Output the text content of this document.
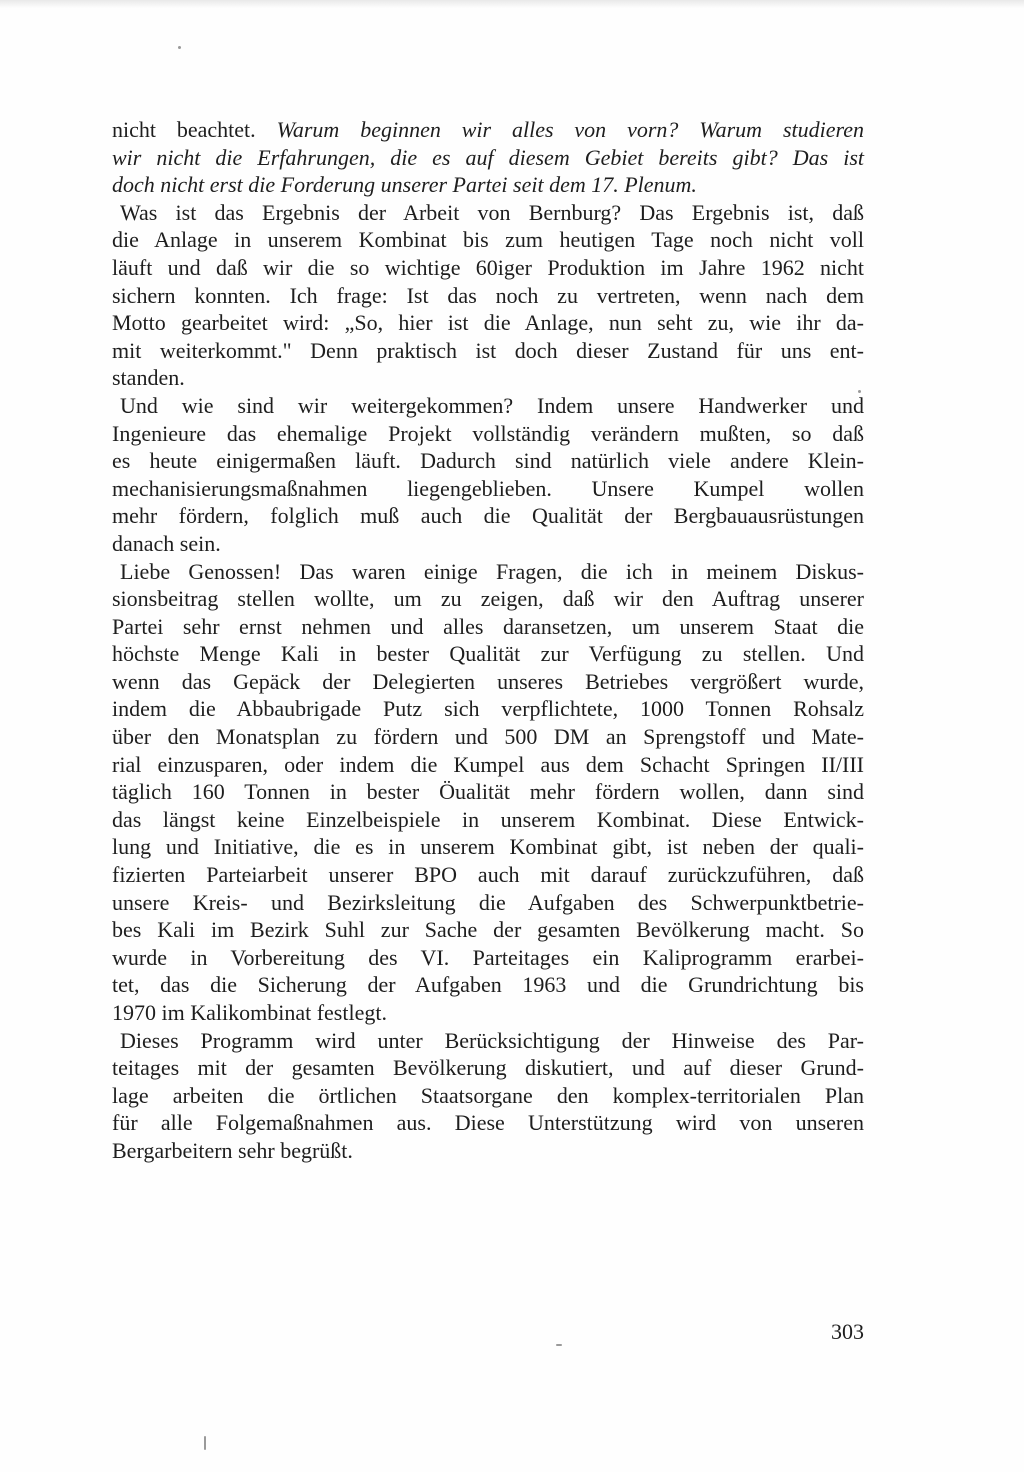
nicht beachtet. Warum beginnen wir alles von vorn? Warum studieren
wir nicht die Erfahrungen, die es auf diesem Gebiet bereits gibt? Das ist
doch nicht erst die Forderung unserer Partei seit dem 17. Plenum.
Was ist das Ergebnis der Arbeit von Bernburg? Das Ergebnis ist, daß
die Anlage in unserem Kombinat bis zum heutigen Tage noch nicht voll
läuft und daß wir die so wichtige 60iger Produktion im Jahre 1962 nicht
sichern konnten. Ich frage: Ist das noch zu vertreten, wenn nach dem
Motto gearbeitet wird: „So, hier ist die Anlage, nun seht zu, wie ihr da-
mit weiterkommt." Denn praktisch ist doch dieser Zustand für uns ent-
standen.
Und wie sind wir weitergekommen? Indem unsere Handwerker und
Ingenieure das ehemalige Projekt vollständig verändern mußten, so daß
es heute einigermaßen läuft. Dadurch sind natürlich viele andere Klein-
mechanisierungsmaßnahmen liegengeblieben. Unsere Kumpel wollen
mehr fördern, folglich muß auch die Qualität der Bergbauausrüstungen
danach sein.
Liebe Genossen! Das waren einige Fragen, die ich in meinem Diskus-
sionsbeitrag stellen wollte, um zu zeigen, daß wir den Auftrag unserer
Partei sehr ernst nehmen und alles daransetzen, um unserem Staat die
höchste Menge Kali in bester Qualität zur Verfügung zu stellen. Und
wenn das Gepäck der Delegierten unseres Betriebes vergrößert wurde,
indem die Abbaubrigade Putz sich verpflichtete, 1000 Tonnen Rohsalz
über den Monatsplan zu fördern und 500 DM an Sprengstoff und Mate-
rial einzusparen, oder indem die Kumpel aus dem Schacht Springen II/III
täglich 160 Tonnen in bester Öualität mehr fördern wollen, dann sind
das längst keine Einzelbeispiele in unserem Kombinat. Diese Entwick-
lung und Initiative, die es in unserem Kombinat gibt, ist neben der quali-
fizierten Parteiarbeit unserer BPO auch mit darauf zurückzuführen, daß
unsere Kreis- und Bezirksleitung die Aufgaben des Schwerpunktbetrie-
bes Kali im Bezirk Suhl zur Sache der gesamten Bevölkerung macht. So
wurde in Vorbereitung des VI. Parteitages ein Kaliprogramm erarbei-
tet, das die Sicherung der Aufgaben 1963 und die Grundrichtung bis
1970 im Kalikombinat festlegt.
Dieses Programm wird unter Berücksichtigung der Hinweise des Par-
teitages mit der gesamten Bevölkerung diskutiert, und auf dieser Grund-
lage arbeiten die örtlichen Staatsorgane den komplex-territorialen Plan
für alle Folgemaßnahmen aus. Diese Unterstützung wird von unseren
Bergarbeitern sehr begrüßt.
303
